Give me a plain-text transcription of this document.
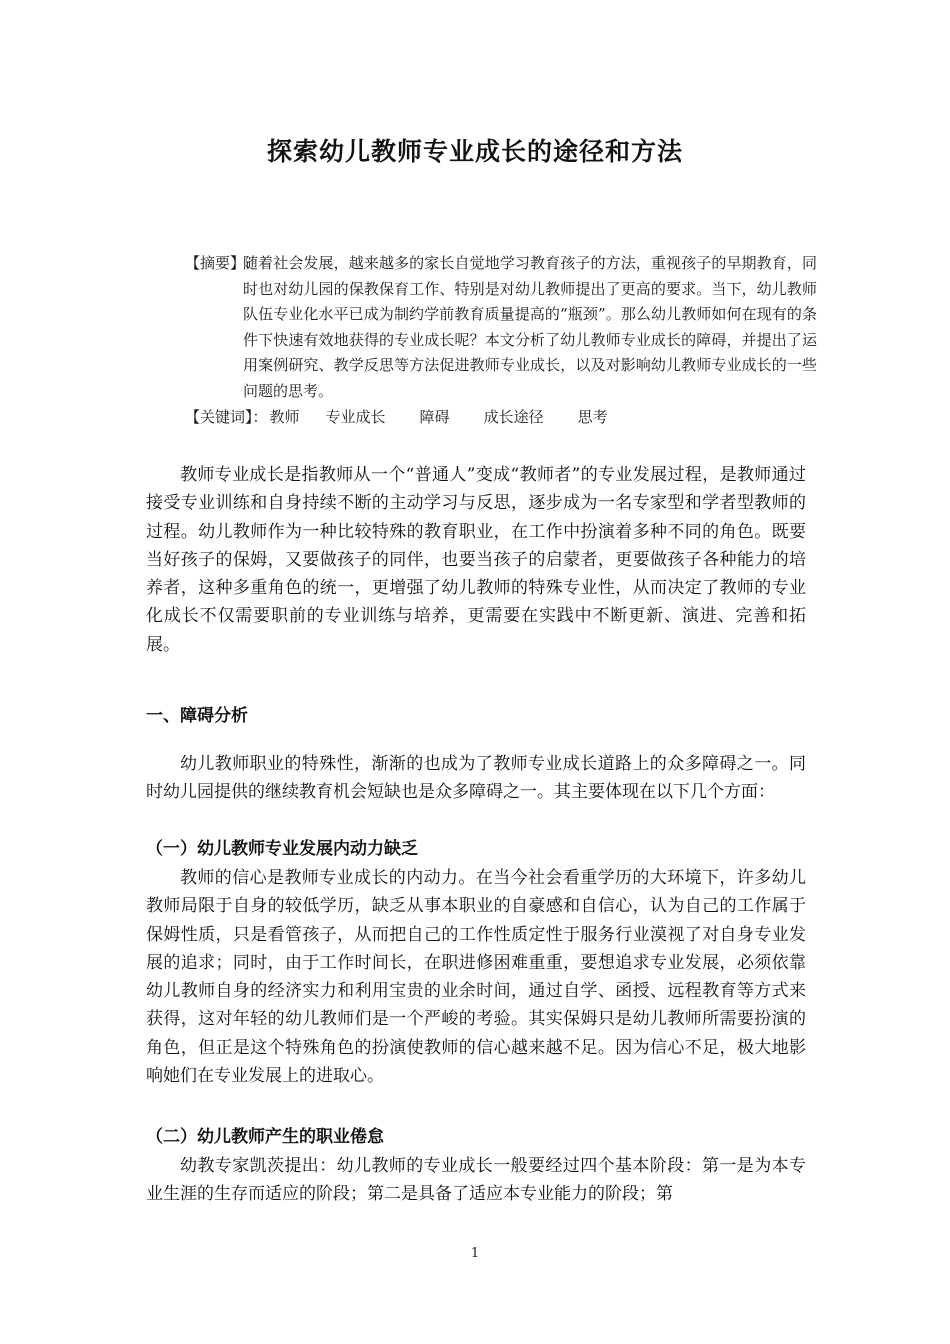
探索幼儿教师专业成长的途径和方法
【摘要】:
随着社会发展，越来越多的家长自觉地学习教育孩子的方法，重视孩子的早期教育，同时也对幼儿园的保教保育工作、特别是对幼儿教师提出了更高的要求。当下，幼儿教师队伍专业化水平已成为制约学前教育质量提高的“瓶颈”。那么幼儿教师如何在现有的条件下快速有效地获得的专业成长呢？本文分析了幼儿教师专业成长的障碍，并提出了运用案例研究、教学反思等方法促进教师专业成长，以及对影响幼儿教师专业成长的一些问题的思考。
【关键词】： 教师 专业成长 障碍 成长途径 思考
教师专业成长是指教师从一个“普通人”变成“教师者”的专业发展过程，是教师通过接受专业训练和自身持续不断的主动学习与反思，逐步成为一名专家型和学者型教师的过程。幼儿教师作为一种比较特殊的教育职业，在工作中扮演着多种不同的角色。既要当好孩子的保姆，又要做孩子的同伴，也要当孩子的启蒙者，更要做孩子各种能力的培养者，这种多重角色的统一，更增强了幼儿教师的特殊专业性，从而决定了教师的专业化成长不仅需要职前的专业训练与培养，更需要在实践中不断更新、演进、完善和拓展。
一、障碍分析
幼儿教师职业的特殊性，渐渐的也成为了教师专业成长道路上的众多障碍之一。同时幼儿园提供的继续教育机会短缺也是众多障碍之一。其主要体现在以下几个方面：
（一）幼儿教师专业发展内动力缺乏
教师的信心是教师专业成长的内动力。在当今社会看重学历的大环境下，许多幼儿教师局限于自身的较低学历，缺乏从事本职业的自豪感和自信心，认为自己的工作属于保姆性质，只是看管孩子，从而把自己的工作性质定性于服务行业漠视了对自身专业发展的追求；同时，由于工作时间长，在职进修困难重重，要想追求专业发展，必须依靠幼儿教师自身的经济实力和利用宝贵的业余时间，通过自学、函授、远程教育等方式来获得，这对年轻的幼儿教师们是一个严峻的考验。其实保姆只是幼儿教师所需要扮演的角色，但正是这个特殊角色的扮演使教师的信心越来越不足。因为信心不足，极大地影响她们在专业发展上的进取心。
（二）幼儿教师产生的职业倦怠
幼教专家凯茨提出：幼儿教师的专业成长一般要经过四个基本阶段：第一是为本专业生涯的生存而适应的阶段；第二是具备了适应本专业能力的阶段；第
1
